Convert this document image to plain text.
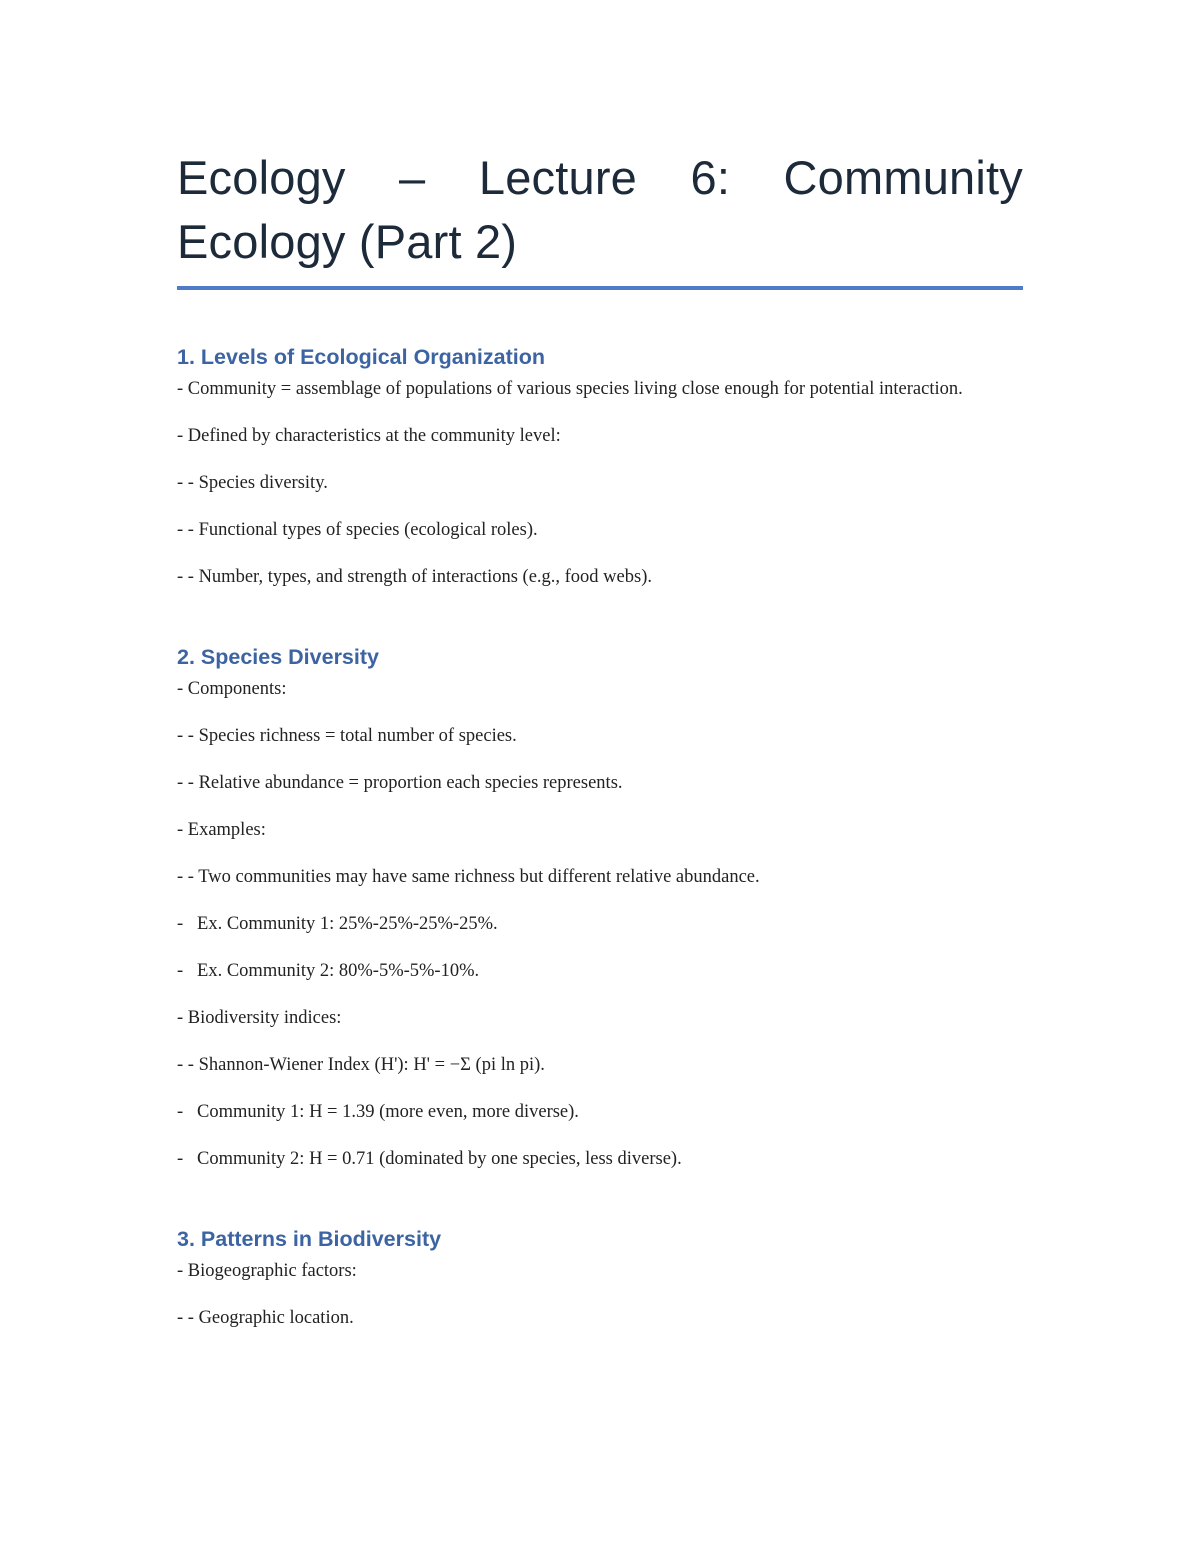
Ecology – Lecture 6: Community Ecology (Part 2)
1. Levels of Ecological Organization

- Community = assemblage of populations of various species living close enough for potential interaction.

- Defined by characteristics at the community level:

- - Species diversity.

- - Functional types of species (ecological roles).

- - Number, types, and strength of interactions (e.g., food webs).

2. Species Diversity

- Components:

- - Species richness = total number of species.

- - Relative abundance = proportion each species represents.

- Examples:

- - Two communities may have same richness but different relative abundance.

-   Ex. Community 1: 25%-25%-25%-25%.

-   Ex. Community 2: 80%-5%-5%-10%.

- Biodiversity indices:

- - Shannon-Wiener Index (H'): H' = −Σ (pi ln pi).

-   Community 1: H = 1.39 (more even, more diverse).

-   Community 2: H = 0.71 (dominated by one species, less diverse).

3. Patterns in Biodiversity

- Biogeographic factors:

- - Geographic location.
